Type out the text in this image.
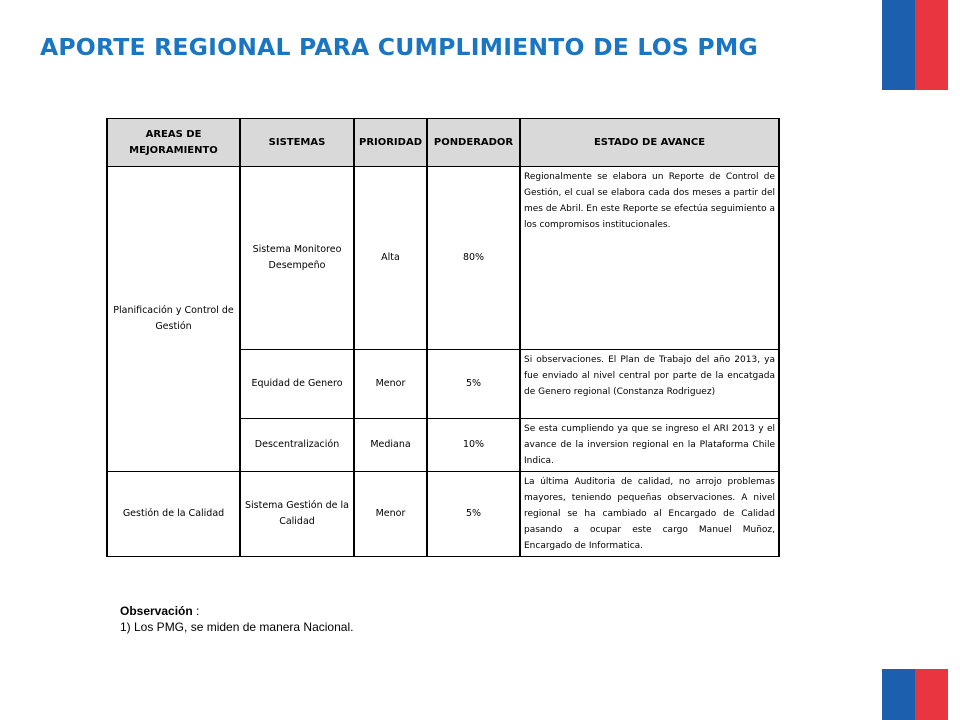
APORTE REGIONAL PARA CUMPLIMIENTO DE LOS PMG
AREAS DE MEJORAMIENTO	SISTEMAS	PRIORIDAD	PONDERADOR	ESTADO DE AVANCE
Planificación y Control de Gestión	Sistema Monitoreo Desempeño	Alta	80%	Regionalmente se elabora un Reporte de Control de Gestión, el cual se elabora cada dos meses a partir del mes de Abril. En este Reporte se efectúa seguimiento a los compromisos institucionales.
	Equidad de Genero	Menor	5%	Si observaciones. El Plan de Trabajo del año 2013, ya fue enviado al nivel central por parte de la encatgada de Genero regional (Constanza Rodriguez)
	Descentralización	Mediana	10%	Se esta cumpliendo ya que se ingreso el ARI 2013 y el avance de la inversion regional en la Plataforma Chile Indica.
Gestión de la Calidad	Sistema Gestión de la Calidad	Menor	5%	La última Auditoria de calidad, no arrojo problemas mayores, teniendo pequeñas observaciones. A nivel regional se ha cambiado al Encargado de Calidad pasando a ocupar este cargo Manuel Muñoz, Encargado de Informatica.
Observación :
1) Los PMG, se miden de manera Nacional.
